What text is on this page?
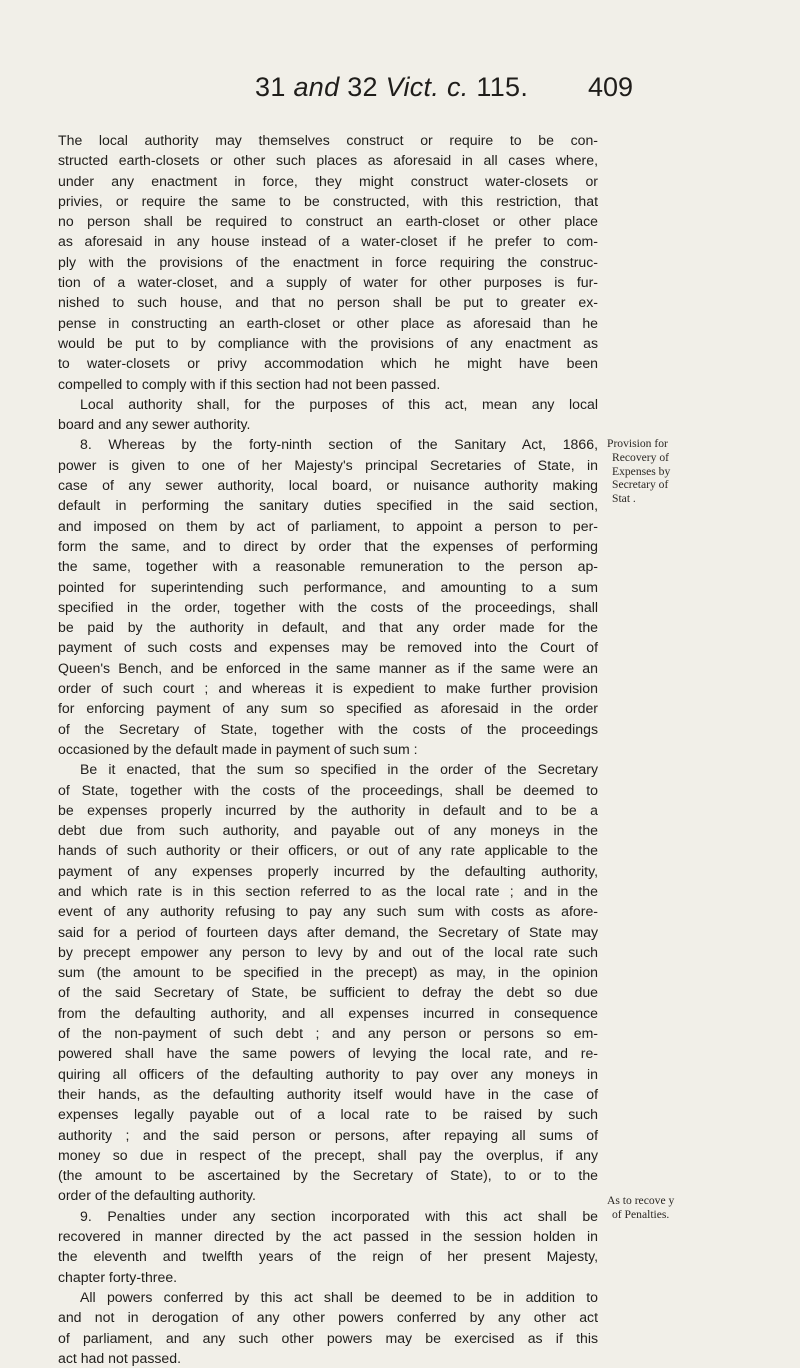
31 and 32 Vict. c. 115. 409
The local authority may themselves construct or require to be con-
structed earth-closets or other such places as aforesaid in all cases where,
under any enactment in force, they might construct water-closets or
privies, or require the same to be constructed, with this restriction, that
no person shall be required to construct an earth-closet or other place
as aforesaid in any house instead of a water-closet if he prefer to com-
ply with the provisions of the enactment in force requiring the construc-
tion of a water-closet, and a supply of water for other purposes is fur-
nished to such house, and that no person shall be put to greater ex-
pense in constructing an earth-closet or other place as aforesaid than he
would be put to by compliance with the provisions of any enactment as
to water-closets or privy accommodation which he might have been
compelled to comply with if this section had not been passed.
Local authority shall, for the purposes of this act, mean any local
board and any sewer authority.
8. Whereas by the forty-ninth section of the Sanitary Act, 1866,
power is given to one of her Majesty's principal Secretaries of State, in
case of any sewer authority, local board, or nuisance authority making
default in performing the sanitary duties specified in the said section,
and imposed on them by act of parliament, to appoint a person to per-
form the same, and to direct by order that the expenses of performing
the same, together with a reasonable remuneration to the person ap-
pointed for superintending such performance, and amounting to a sum
specified in the order, together with the costs of the proceedings, shall
be paid by the authority in default, and that any order made for the
payment of such costs and expenses may be removed into the Court of
Queen's Bench, and be enforced in the same manner as if the same were an
order of such court ; and whereas it is expedient to make further provision
for enforcing payment of any sum so specified as aforesaid in the order
of the Secretary of State, together with the costs of the proceedings
occasioned by the default made in payment of such sum :
Be it enacted, that the sum so specified in the order of the Secretary
of State, together with the costs of the proceedings, shall be deemed to
be expenses properly incurred by the authority in default and to be a
debt due from such authority, and payable out of any moneys in the
hands of such authority or their officers, or out of any rate applicable to the
payment of any expenses properly incurred by the defaulting authority,
and which rate is in this section referred to as the local rate ; and in the
event of any authority refusing to pay any such sum with costs as afore-
said for a period of fourteen days after demand, the Secretary of State may
by precept empower any person to levy by and out of the local rate such
sum (the amount to be specified in the precept) as may, in the opinion
of the said Secretary of State, be sufficient to defray the debt so due
from the defaulting authority, and all expenses incurred in consequence
of the non-payment of such debt ; and any person or persons so em-
powered shall have the same powers of levying the local rate, and re-
quiring all officers of the defaulting authority to pay over any moneys in
their hands, as the defaulting authority itself would have in the case of
expenses legally payable out of a local rate to be raised by such
authority ; and the said person or persons, after repaying all sums of
money so due in respect of the precept, shall pay the overplus, if any
(the amount to be ascertained by the Secretary of State), to or to the
order of the defaulting authority.
9. Penalties under any section incorporated with this act shall be
recovered in manner directed by the act passed in the session holden in
the eleventh and twelfth years of the reign of her present Majesty,
chapter forty-three.
All powers conferred by this act shall be deemed to be in addition to
and not in derogation of any other powers conferred by any other act
of parliament, and any such other powers may be exercised as if this
act had not passed.
Provision for
Recovery of
Expenses by
Secretary of
Stat .
As to recove y
of Penalties.
